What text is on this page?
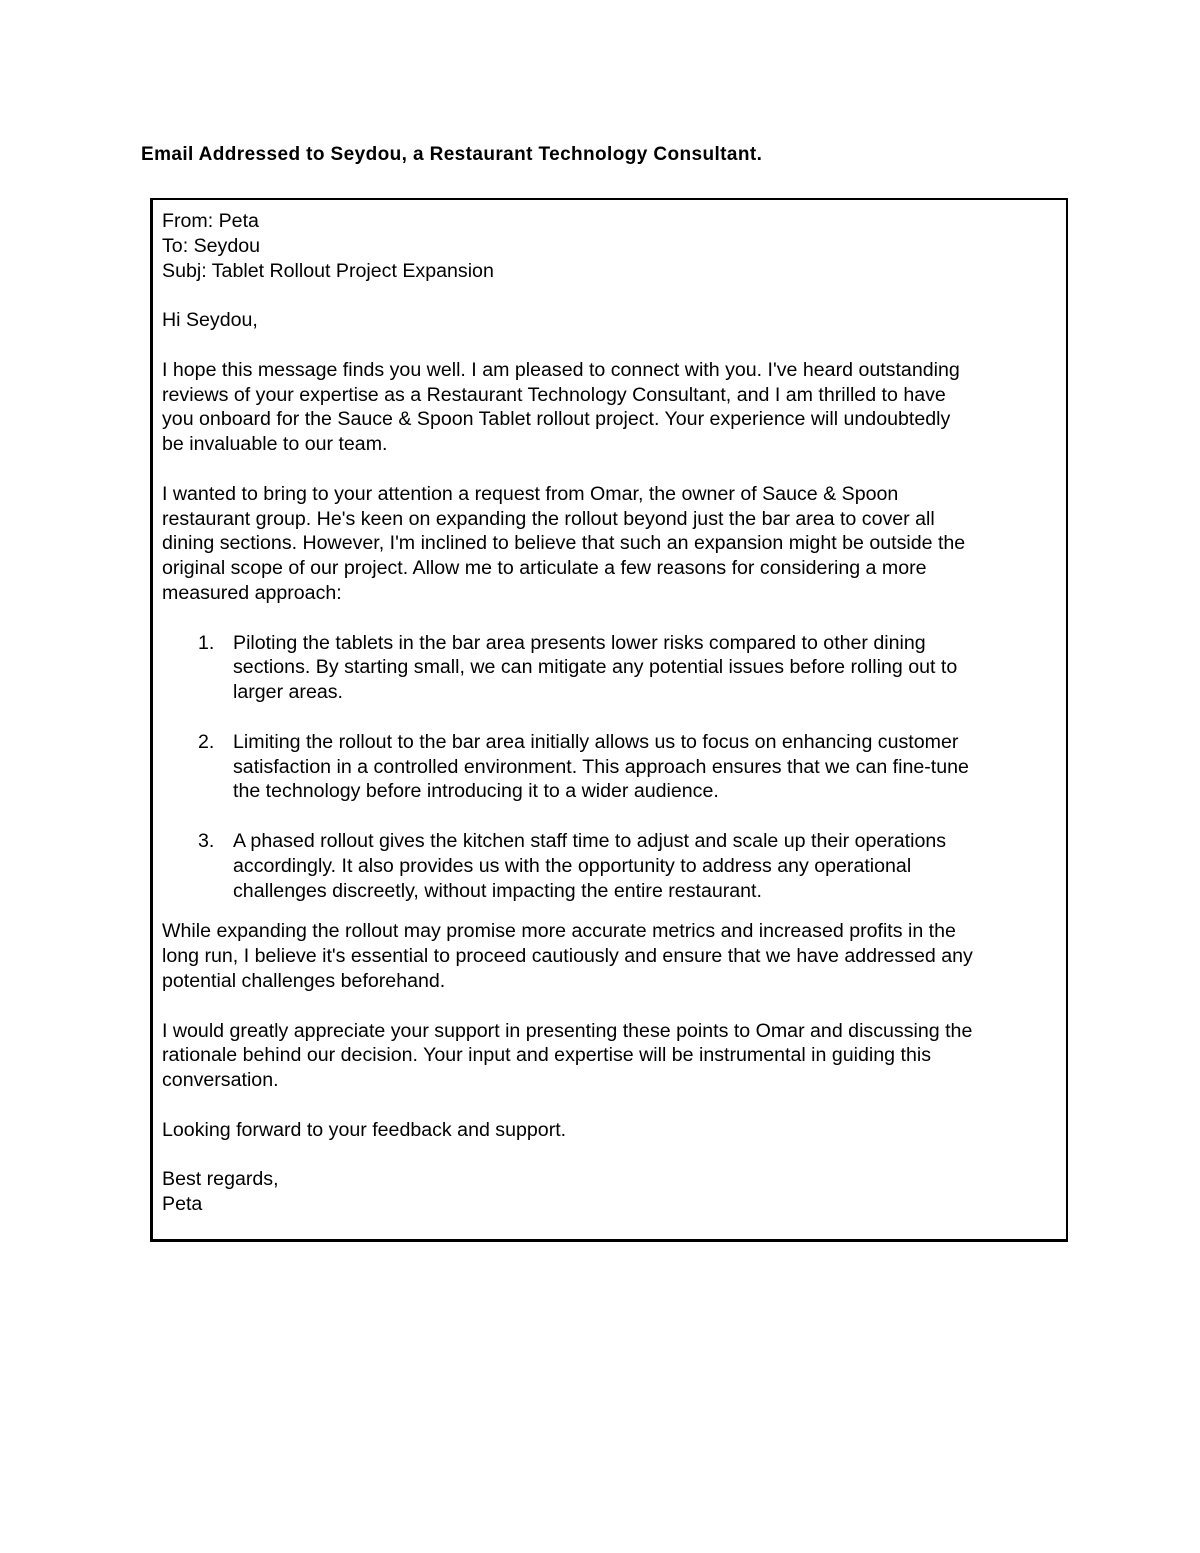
Email Addressed to Seydou, a Restaurant Technology Consultant.
From: Peta
To: Seydou
Subj: Tablet Rollout Project Expansion
Hi Seydou,
I hope this message finds you well. I am pleased to connect with you. I've heard outstanding
reviews of your expertise as a Restaurant Technology Consultant, and I am thrilled to have
you onboard for the Sauce & Spoon Tablet rollout project. Your experience will undoubtedly
be invaluable to our team.
I wanted to bring to your attention a request from Omar, the owner of Sauce & Spoon
restaurant group. He's keen on expanding the rollout beyond just the bar area to cover all
dining sections. However, I'm inclined to believe that such an expansion might be outside the
original scope of our project. Allow me to articulate a few reasons for considering a more
measured approach:
1. Piloting the tablets in the bar area presents lower risks compared to other dining
sections. By starting small, we can mitigate any potential issues before rolling out to
larger areas.
2. Limiting the rollout to the bar area initially allows us to focus on enhancing customer
satisfaction in a controlled environment. This approach ensures that we can fine-tune
the technology before introducing it to a wider audience.
3. A phased rollout gives the kitchen staff time to adjust and scale up their operations
accordingly. It also provides us with the opportunity to address any operational
challenges discreetly, without impacting the entire restaurant.
While expanding the rollout may promise more accurate metrics and increased profits in the
long run, I believe it's essential to proceed cautiously and ensure that we have addressed any
potential challenges beforehand.
I would greatly appreciate your support in presenting these points to Omar and discussing the
rationale behind our decision. Your input and expertise will be instrumental in guiding this
conversation.
Looking forward to your feedback and support.
Best regards,
Peta
